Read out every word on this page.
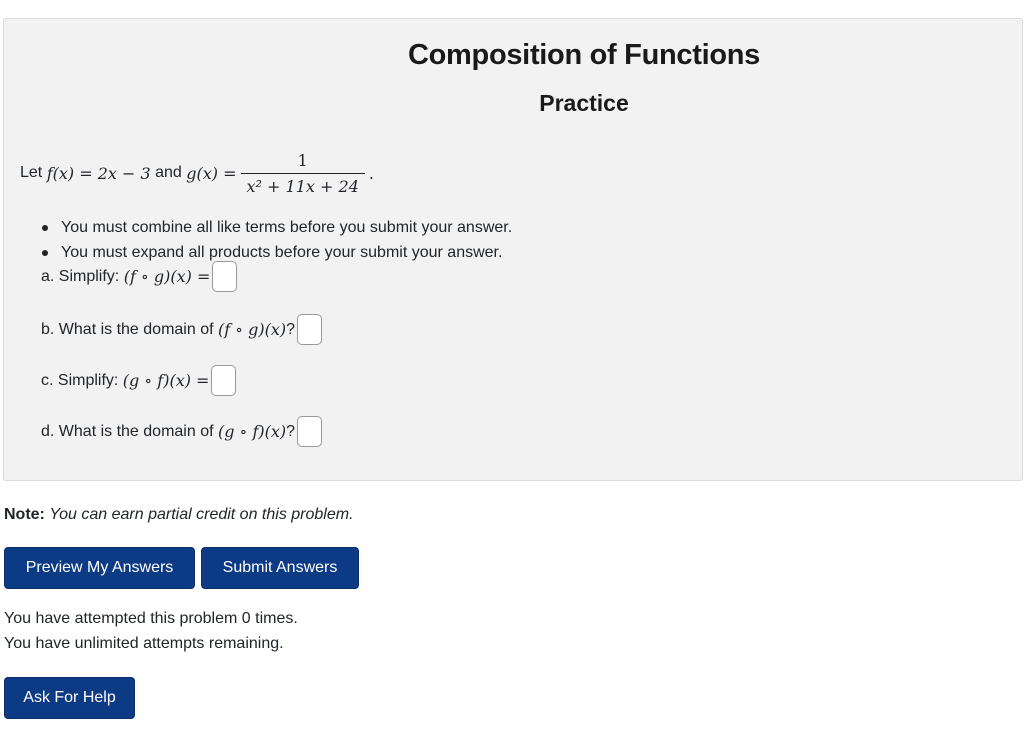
Composition of Functions
Practice
Let
f(x) = 2x − 3
and
$g(x) = \frac{1}{\text{x² + 11x + 24}}$ .
You must combine all like terms before you submit your answer.
You must expand all products before your submit your answer.
a. Simplify:
(f ∘ g)(x) =
b. What is the domain of
(f ∘ g)(x) ?
c. Simplify:
(g ∘ f)(x) =
d. What is the domain of
(g ∘ f)(x) ?
Note: You can earn partial credit on this problem.
Preview My Answers	Submit Answers
You have attempted this problem 0 times.
You have unlimited attempts remaining.
Ask For Help
